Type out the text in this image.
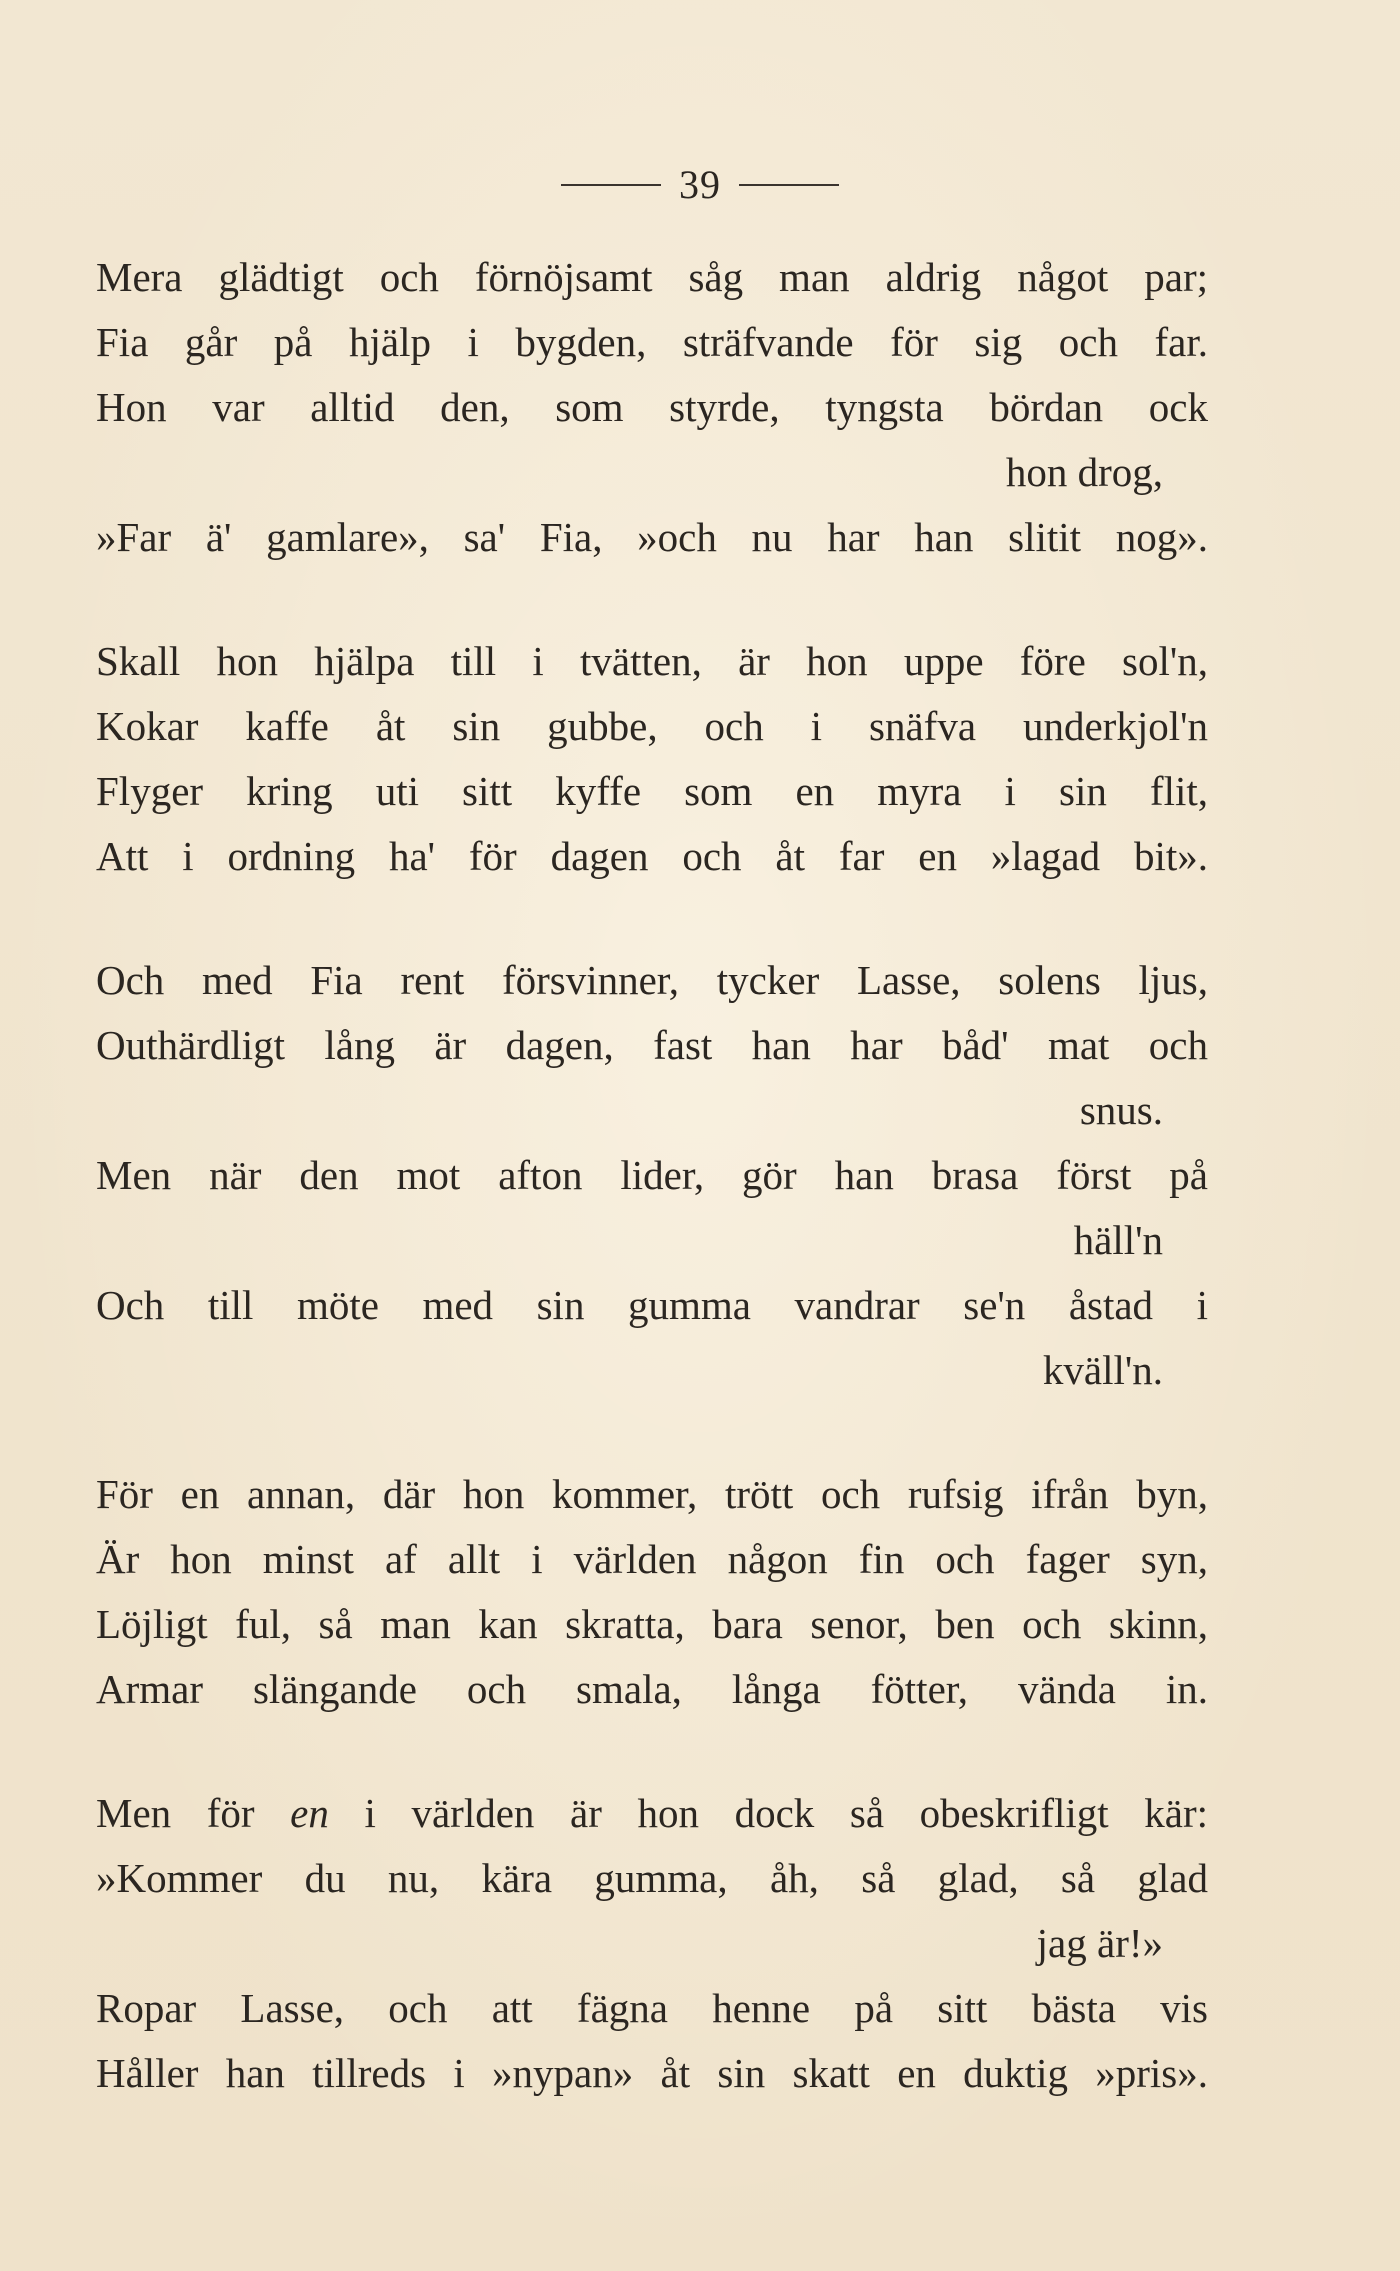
39
Mera glädtigt och förnöjsamt såg man aldrig något par;
Fia går på hjälp i bygden, sträfvande för sig och far.
Hon var alltid den, som styrde, tyngsta bördan ock
hon drog,
»Far ä' gamlare», sa' Fia, »och nu har han slitit nog».
Skall hon hjälpa till i tvätten, är hon uppe före sol'n,
Kokar kaffe åt sin gubbe, och i snäfva underkjol'n
Flyger kring uti sitt kyffe som en myra i sin flit,
Att i ordning ha' för dagen och åt far en »lagad bit».
Och med Fia rent försvinner, tycker Lasse, solens ljus,
Outhärdligt lång är dagen, fast han har båd' mat och
snus.
Men när den mot afton lider, gör han brasa först på
häll'n
Och till möte med sin gumma vandrar se'n åstad i
kväll'n.
För en annan, där hon kommer, trött och rufsig ifrån byn,
Är hon minst af allt i världen någon fin och fager syn,
Löjligt ful, så man kan skratta, bara senor, ben och skinn,
Armar slängande och smala, långa fötter, vända in.
Men för en i världen är hon dock så obeskrifligt kär:
»Kommer du nu, kära gumma, åh, så glad, så glad
jag är!»
Ropar Lasse, och att fägna henne på sitt bästa vis
Håller han tillreds i »nypan» åt sin skatt en duktig »pris».
